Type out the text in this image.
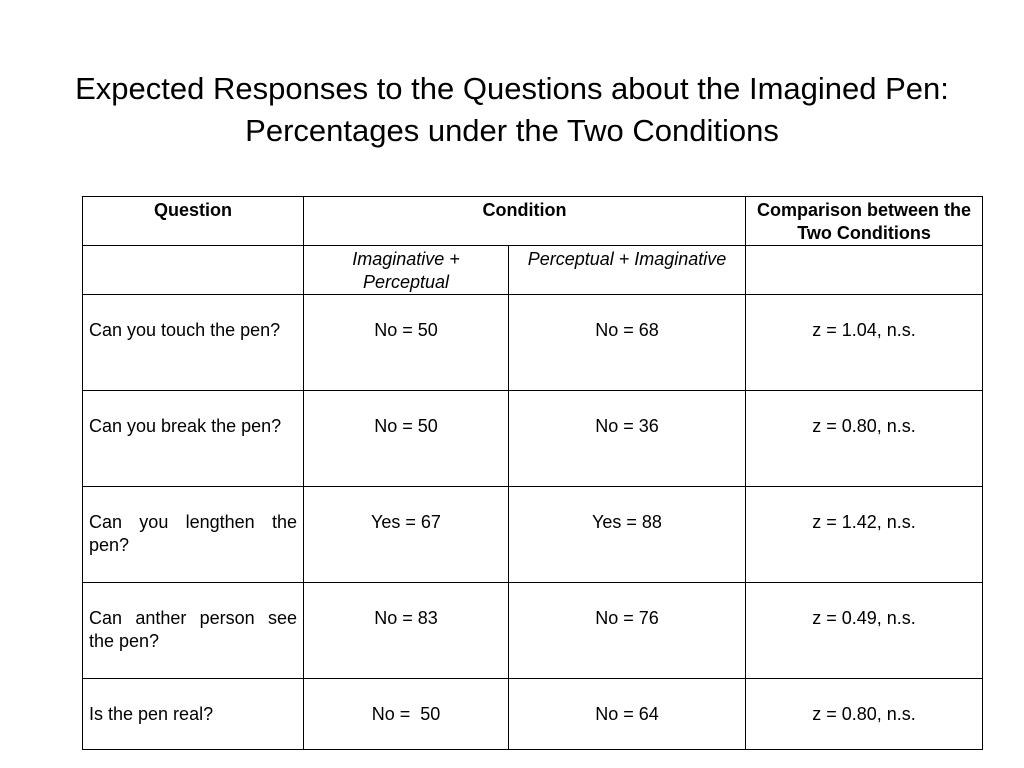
Expected Responses to the Questions about the Imagined Pen:
Percentages under the Two Conditions
Question	Condition		Comparison between the Two Conditions
	Imaginative + Perceptual	Perceptual + Imaginative	
Can you touch the pen?	No = 50	No = 68	z = 1.04, n.s.
Can you break the pen?	No = 50	No = 36	z = 0.80, n.s.
Can you lengthen the pen?	Yes = 67	Yes = 88	z = 1.42, n.s.
Can anther person see the pen?	No = 83	No = 76	z = 0.49, n.s.
Is the pen real?	No =  50	No = 64	z = 0.80, n.s.
